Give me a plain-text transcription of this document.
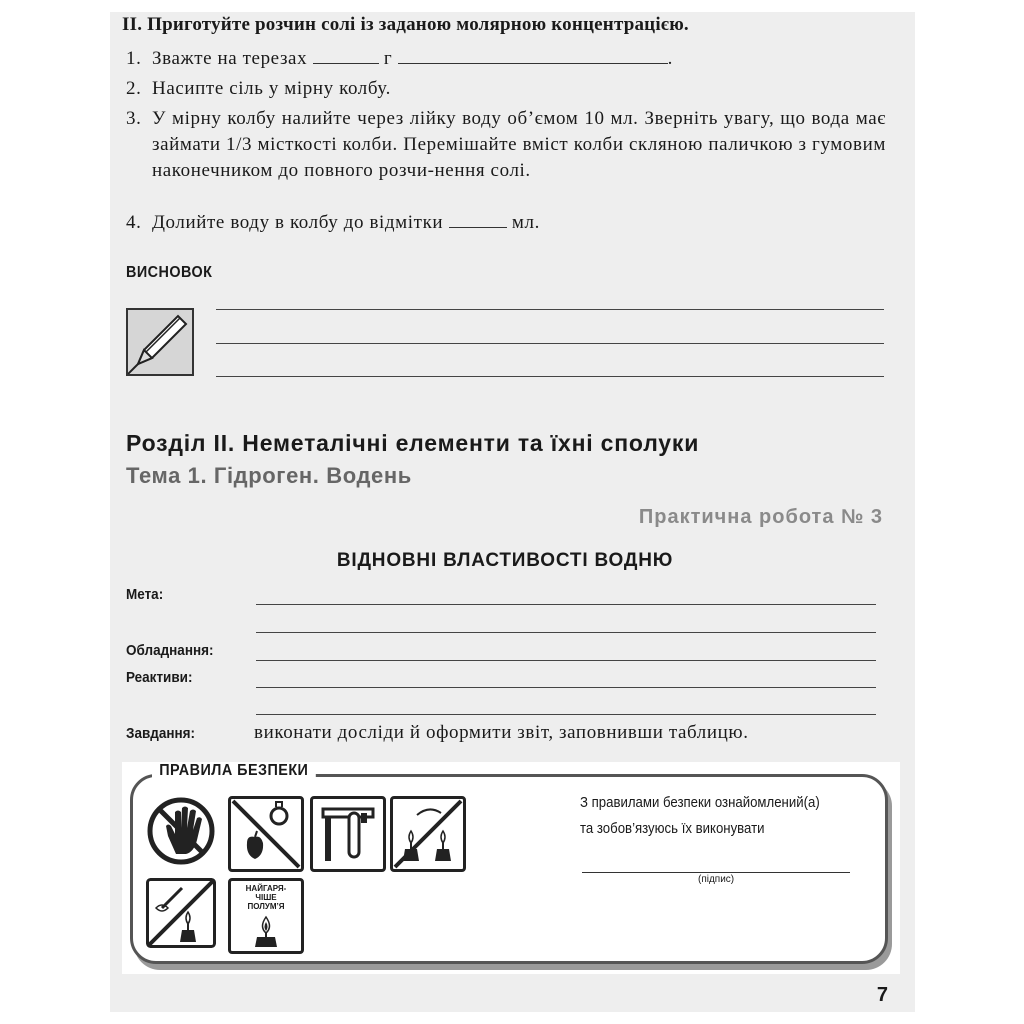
II. Приготуйте розчин солі із заданою молярною концентрацією.
1. Зважте на терезах	г	.
2. Насипте сіль у мірну колбу.
3. У мірну колбу налийте через лійку воду об’ємом 10 мл. Зверніть увагу, що вода має займати 1/3 місткості колби. Перемішайте вміст колби скляною паличкою з гумовим наконечником до повного розчи-нення солі.
4. Долийте воду в колбу до відмітки	мл.
ВИСНОВОК
Розділ ІІ. Неметалічні елементи та їхні сполуки
Тема 1. Гідроген. Водень
Практична робота № 3
ВІДНОВНІ ВЛАСТИВОСТІ ВОДНЮ
Мета:
Обладнання:
Реактиви:
Завдання:	виконати досліди й оформити звіт, заповнивши таблицю.
ПРАВИЛА БЕЗПЕКИ
НАЙГАРЯ-
ЧІШЕ
ПОЛУМ’Я
З правилами безпеки ознайомлений(а)
та зобов’язуюсь їх виконувати
(підпис)
7
